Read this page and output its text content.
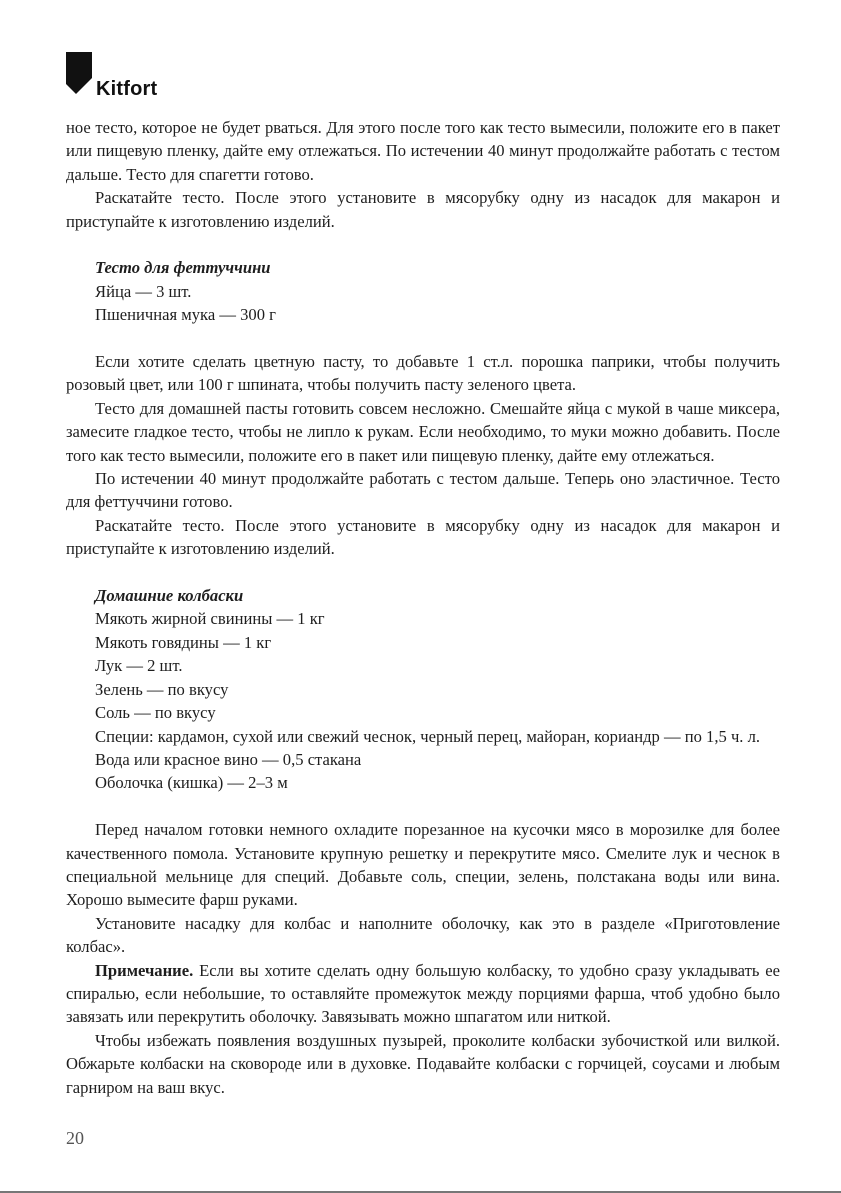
Kitfort

ное тесто, которое не будет рваться. Для этого после того как тесто вымесили, положите его в пакет или пищевую пленку, дайте ему отлежаться. По истечении 40 минут продолжайте работать с тестом дальше. Тесто для спагетти готово.

Раскатайте тесто. После этого установите в мясорубку одну из насадок для макарон и приступайте к изготовлению изделий.

Тесто для феттуччини

Яйца — 3 шт.

Пшеничная мука — 300 г

Если хотите сделать цветную пасту, то добавьте 1 ст.л. порошка паприки, чтобы получить розовый цвет, или 100 г шпината, чтобы получить пасту зеленого цвета.

Тесто для домашней пасты готовить совсем несложно. Смешайте яйца с мукой в чаше миксера, замесите гладкое тесто, чтобы не липло к рукам. Если необходимо, то муки можно добавить. После того как тесто вымесили, положите его в пакет или пищевую пленку, дайте ему отлежаться.

По истечении 40 минут продолжайте работать с тестом дальше. Теперь оно эластичное. Тесто для феттуччини готово.

Раскатайте тесто. После этого установите в мясорубку одну из насадок для макарон и приступайте к изготовлению изделий.

Домашние колбаски

Мякоть жирной свинины — 1 кг

Мякоть говядины — 1 кг

Лук — 2 шт.

Зелень — по вкусу

Соль — по вкусу

Специи: кардамон, сухой или свежий чеснок, черный перец, майоран, кориандр — по 1,5 ч. л.

Вода или красное вино — 0,5 стакана

Оболочка (кишка) — 2–3 м

Перед началом готовки немного охладите порезанное на кусочки мясо в морозилке для более качественного помола. Установите крупную решетку и перекрутите мясо. Смелите лук и чеснок в специальной мельнице для специй. Добавьте соль, специи, зелень, полстакана воды или вина. Хорошо вымесите фарш руками.

Установите насадку для колбас и наполните оболочку, как это в разделе «Приготовление колбас».

Примечание. Если вы хотите сделать одну большую колбаску, то удобно сразу укладывать ее спиралью, если небольшие, то оставляйте промежуток между порциями фарша, чтоб удобно было завязать или перекрутить оболочку. Завязывать можно шпагатом или ниткой.

Чтобы избежать появления воздушных пузырей, проколите колбаски зубочисткой или вилкой. Обжарьте колбаски на сковороде или в духовке. Подавайте колбаски с горчицей, соусами и любым гарниром на ваш вкус.

20
